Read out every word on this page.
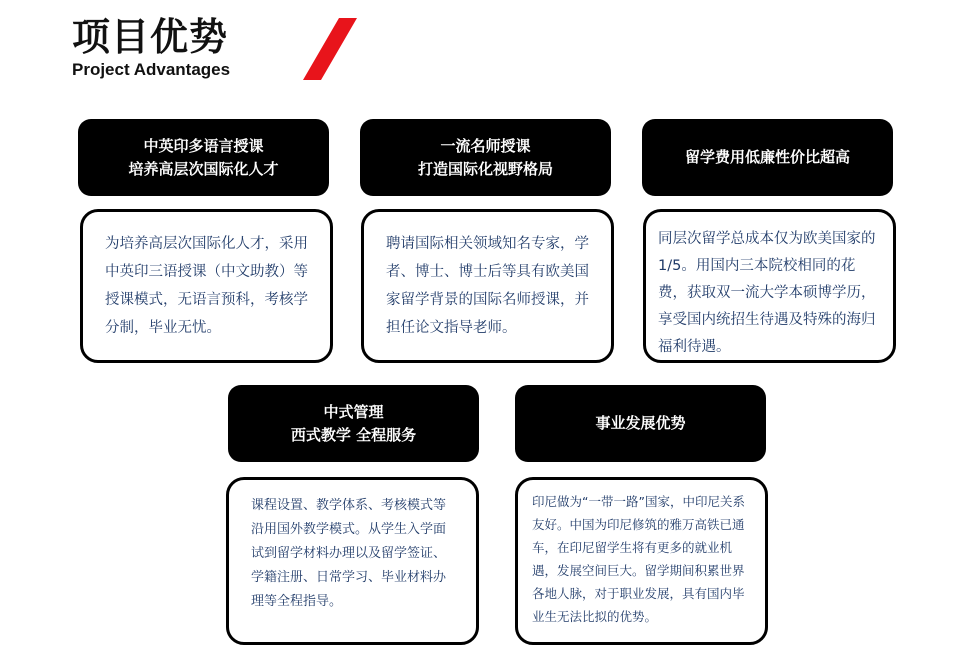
项目优势
Project Advantages
中英印多语言授课
培养高层次国际化人才

为培养高层次国际化人才，采用中英印三语授课（中文助教）等授课模式，无语言预科，考核学分制，毕业无忧。

一流名师授课
打造国际化视野格局

聘请国际相关领域知名专家，学者、博士、博士后等具有欧美国家留学背景的国际名师授课，并担任论文指导老师。

留学费用低廉性价比超高

同层次留学总成本仅为欧美国家的1/5。用国内三本院校相同的花费，获取双一流大学本硕博学历，享受国内统招生待遇及特殊的海归福利待遇。

中式管理
西式教学 全程服务

课程设置、教学体系、考核模式等沿用国外教学模式。从学生入学面试到留学材料办理以及留学签证、学籍注册、日常学习、毕业材料办理等全程指导。

事业发展优势

印尼做为“一带一路”国家，中印尼关系友好。中国为印尼修筑的雅万高铁已通车，在印尼留学生将有更多的就业机遇，发展空间巨大。留学期间积累世界各地人脉，对于职业发展，具有国内毕业生无法比拟的优势。
